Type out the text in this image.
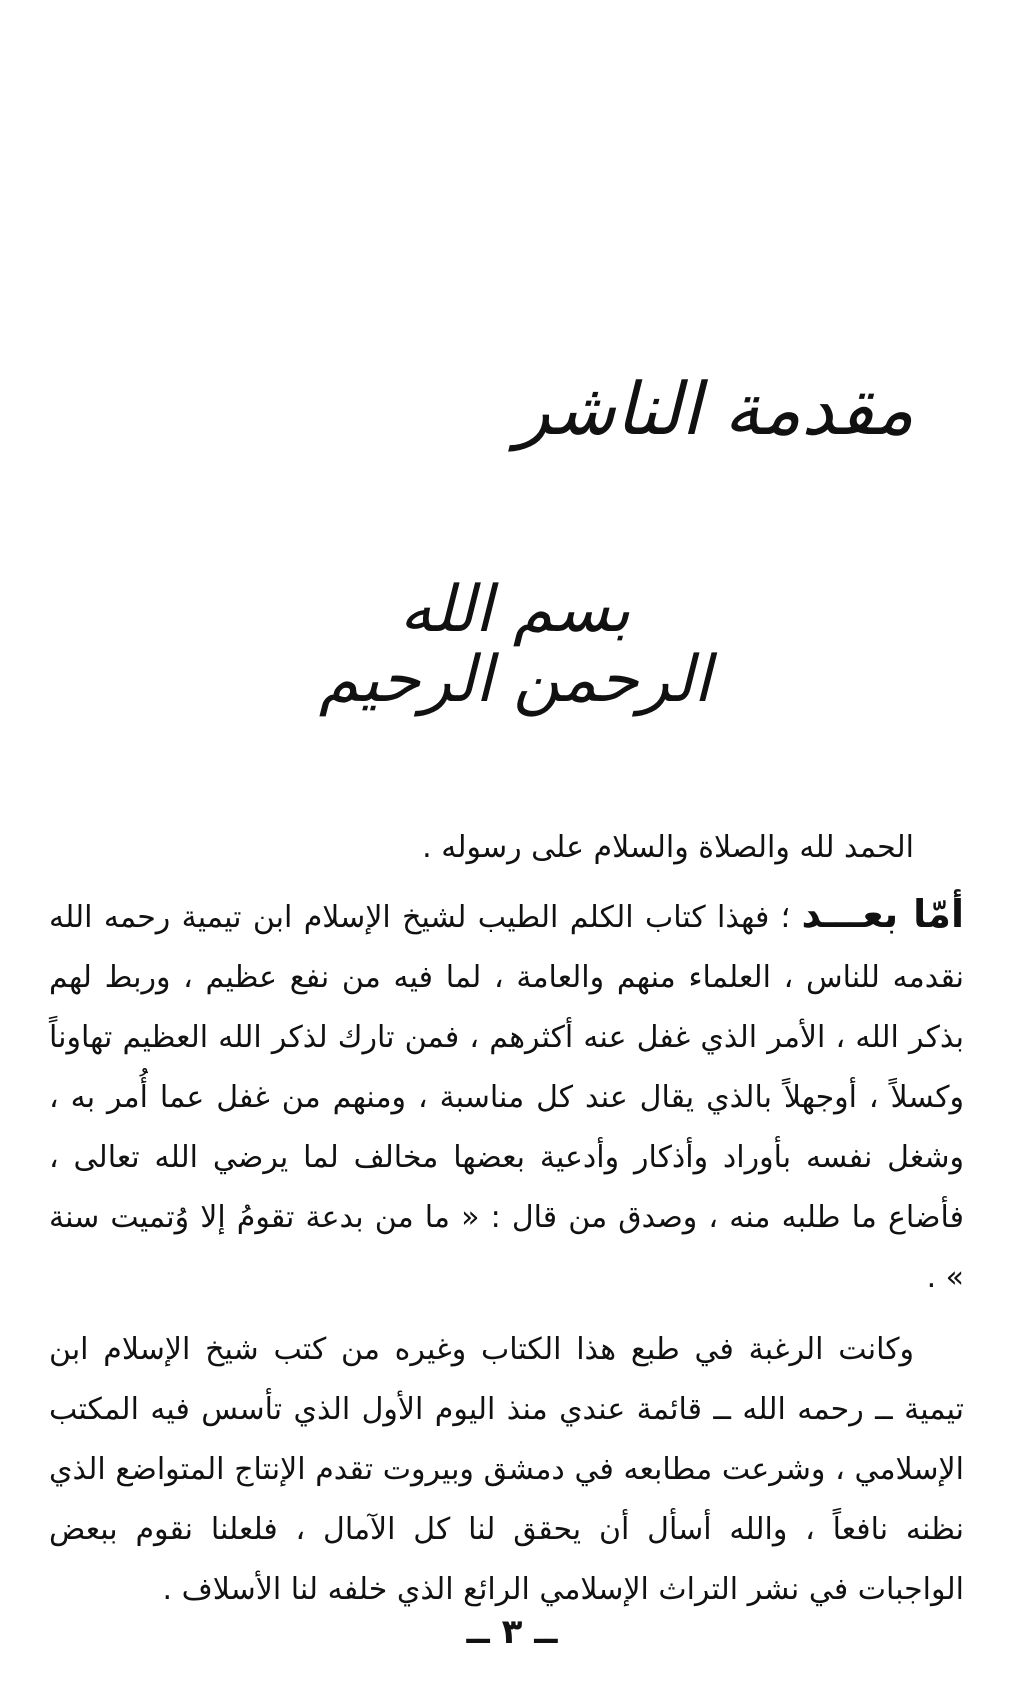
مقدمة الناشر
بسم الله الرحمن الرحيم

الحمد لله والصلاة والسلام على رسوله .

أمّا بعـــد ؛ فهذا كتاب الكلم الطيب لشيخ الإسلام ابن تيمية رحمه الله نقدمه للناس ، العلماء منهم والعامة ، لما فيه من نفع عظيم ، وربط لهم بذكر الله ، الأمر الذي غفل عنه أكثرهم ، فمن تارك لذكر الله العظيم تهاوناً وكسلاً ، أوجهلاً بالذي يقال عند كل مناسبة ، ومنهم من غفل عما أُمر به ، وشغل نفسه بأوراد وأذكار وأدعية بعضها مخالف لما يرضي الله تعالى ، فأضاع ما طلبه منه ، وصدق من قال : « ما من بدعة تقومُ إلا وُتميت سنة » .

وكانت الرغبة في طبع هذا الكتاب وغيره من كتب شيخ الإسلام ابن تيمية ــ رحمه الله ــ قائمة عندي منذ اليوم الأول الذي تأسس فيه المكتب الإسلامي ، وشرعت مطابعه في دمشق وبيروت تقدم الإنتاج المتواضع الذي نظنه نافعاً ، والله أسأل أن يحقق لنا كل الآمال ، فلعلنا نقوم ببعض الواجبات في نشر التراث الإسلامي الرائع الذي خلفه لنا الأسلاف .

ــ ٣ ــ
